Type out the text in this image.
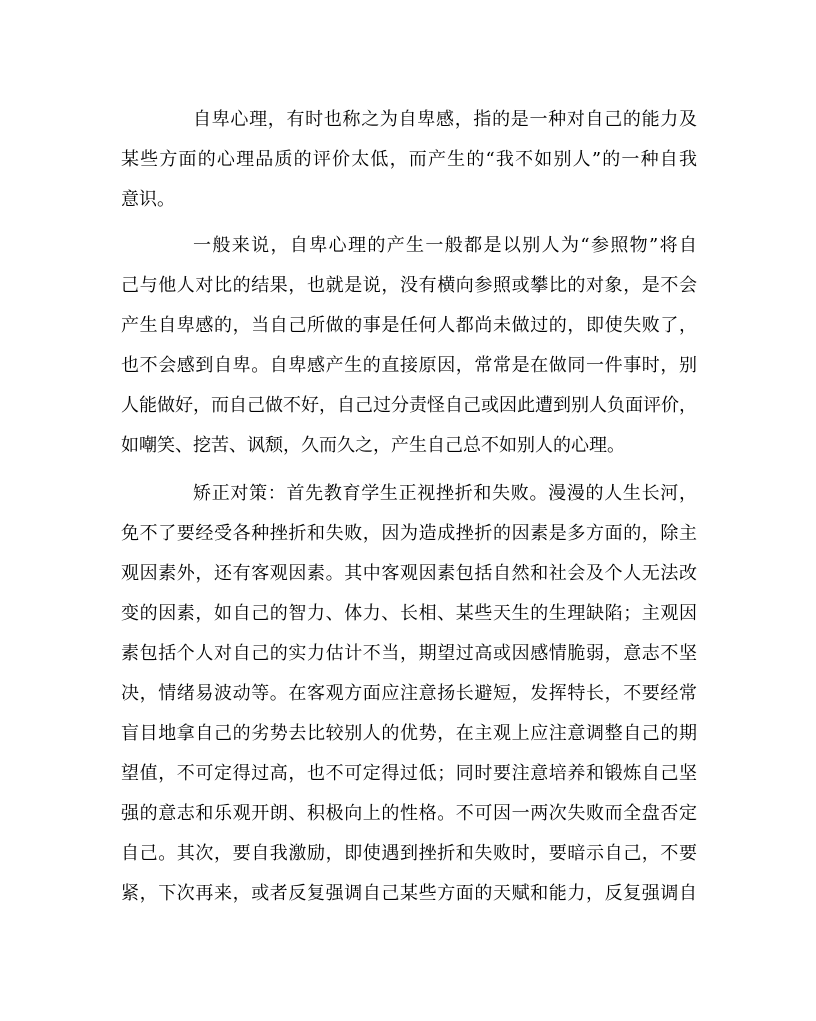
自卑心理，有时也称之为自卑感，指的是一种对自己的能力及
某些方面的心理品质的评价太低，而产生的“我不如别人”的一种自我
意识。
一般来说，自卑心理的产生一般都是以别人为“参照物”将自
己与他人对比的结果，也就是说，没有横向参照或攀比的对象，是不会
产生自卑感的，当自己所做的事是任何人都尚未做过的，即使失败了，
也不会感到自卑。自卑感产生的直接原因，常常是在做同一件事时，别
人能做好，而自己做不好，自己过分责怪自己或因此遭到别人负面评价，
如嘲笑、挖苦、讽颓，久而久之，产生自己总不如别人的心理。
矫正对策：首先教育学生正视挫折和失败。漫漫的人生长河，
免不了要经受各种挫折和失败，因为造成挫折的因素是多方面的，除主
观因素外，还有客观因素。其中客观因素包括自然和社会及个人无法改
变的因素，如自己的智力、体力、长相、某些天生的生理缺陷；主观因
素包括个人对自己的实力估计不当，期望过高或因感情脆弱，意志不坚
决，情绪易波动等。在客观方面应注意扬长避短，发挥特长，不要经常
盲目地拿自己的劣势去比较别人的优势，在主观上应注意调整自己的期
望值，不可定得过高，也不可定得过低；同时要注意培养和锻炼自己坚
强的意志和乐观开朗、积极向上的性格。不可因一两次失败而全盘否定
自己。其次，要自我激励，即使遇到挫折和失败时，要暗示自己，不要
紧，下次再来，或者反复强调自己某些方面的天赋和能力，反复强调自
